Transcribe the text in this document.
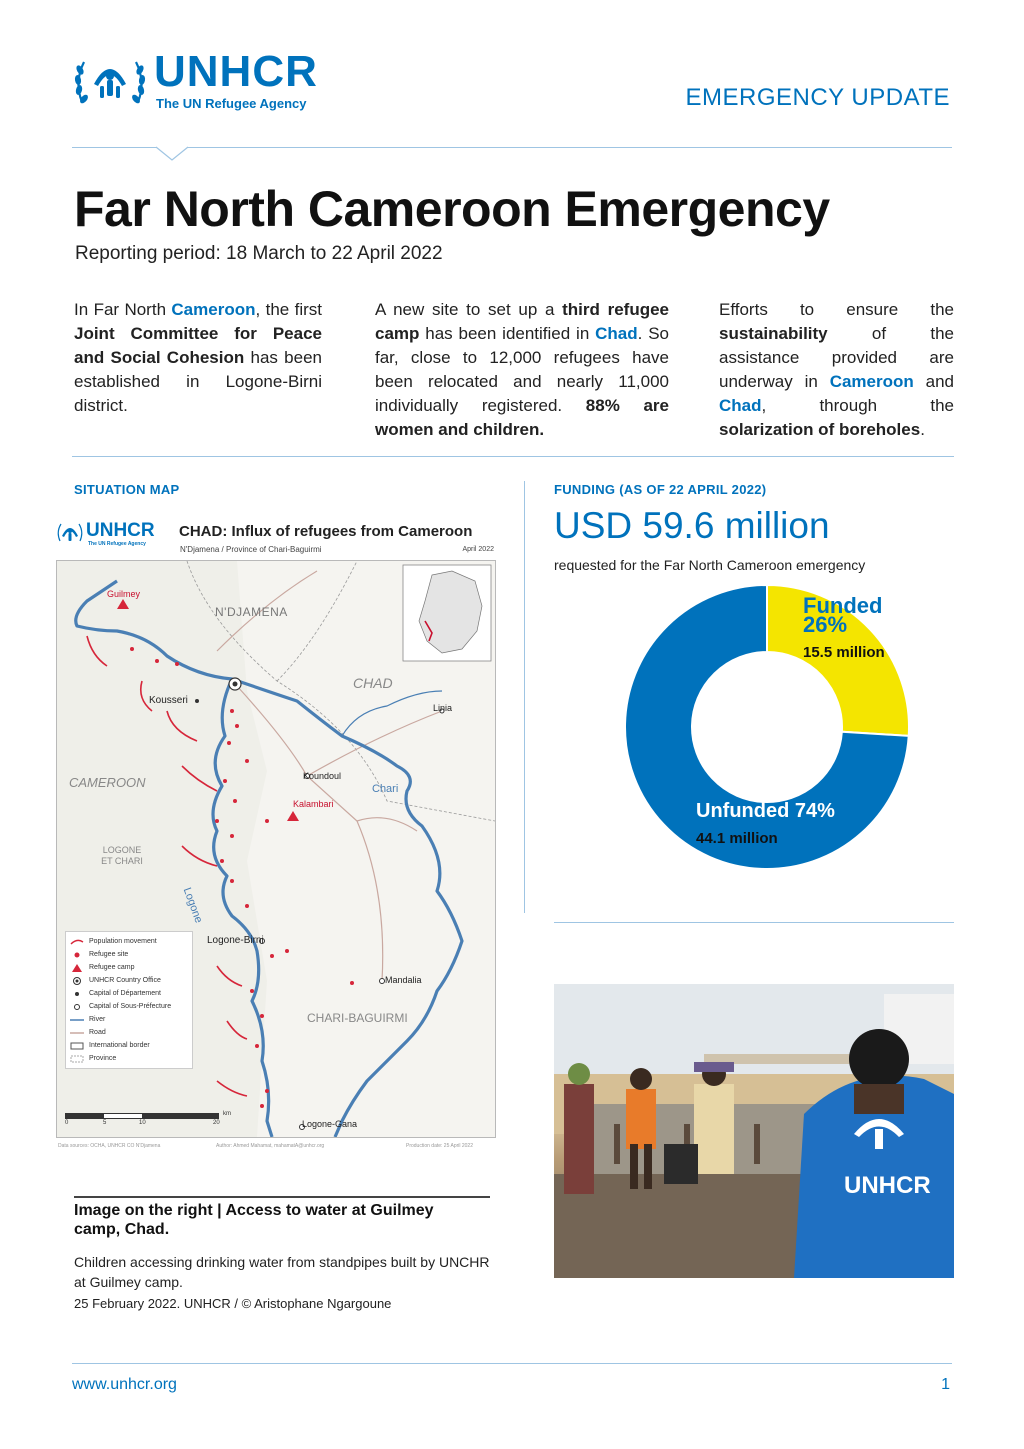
UNHCR
The UN Refugee Agency	EMERGENCY UPDATE
Far North Cameroon Emergency
Reporting period: 18 March to 22 April 2022
In Far North Cameroon, the first Joint Committee for Peace and Social Cohesion has been established in Logone-Birni district.
A new site to set up a third refugee camp has been identified in Chad. So far, close to 12,000 refugees have been relocated and nearly 11,000 individually registered. 88% are women and children.
Efforts to ensure the sustainability of the assistance provided are underway in Cameroon and Chad, through the solarization of boreholes.
SITUATION MAP
UNHCR
The UN Refugee Agency
CHAD: Influx of refugees from Cameroon
N'Djamena / Province of Chari-Baguirmi	April 2022
N'DJAMENA
CHAD
CAMEROON
LOGONE ET CHARI
CHARI-BAGUIRMI
Guilmey
Kousseri
Koundoul
Linia
Chari
Logone
Kalambari
Logone-Birni
Mandalia
Logone-Gana
Population movement
Refugee site
Refugee camp
UNHCR Country Office
Capital of Département
Capital of Sous-Préfecture
River
Road
International border
Province
0	5	10	20
km
Data sources: OCHA, UNHCR CO N'Djamena	Author: Ahmed Mahamat, mahamatA@unhcr.org	Production date: 25 April 2022
FUNDING (AS OF 22 APRIL 2022)
USD 59.6 million
requested for the Far North Cameroon emergency
Funded
26%
15.5 million
Unfunded 74%
44.1 million
UNHCR
Image on the right | Access to water at Guilmey camp, Chad.
Children accessing drinking water from standpipes built by UNCHR at Guilmey camp.
25 February 2022. UNHCR / © Aristophane Ngargoune
www.unhcr.org	1
